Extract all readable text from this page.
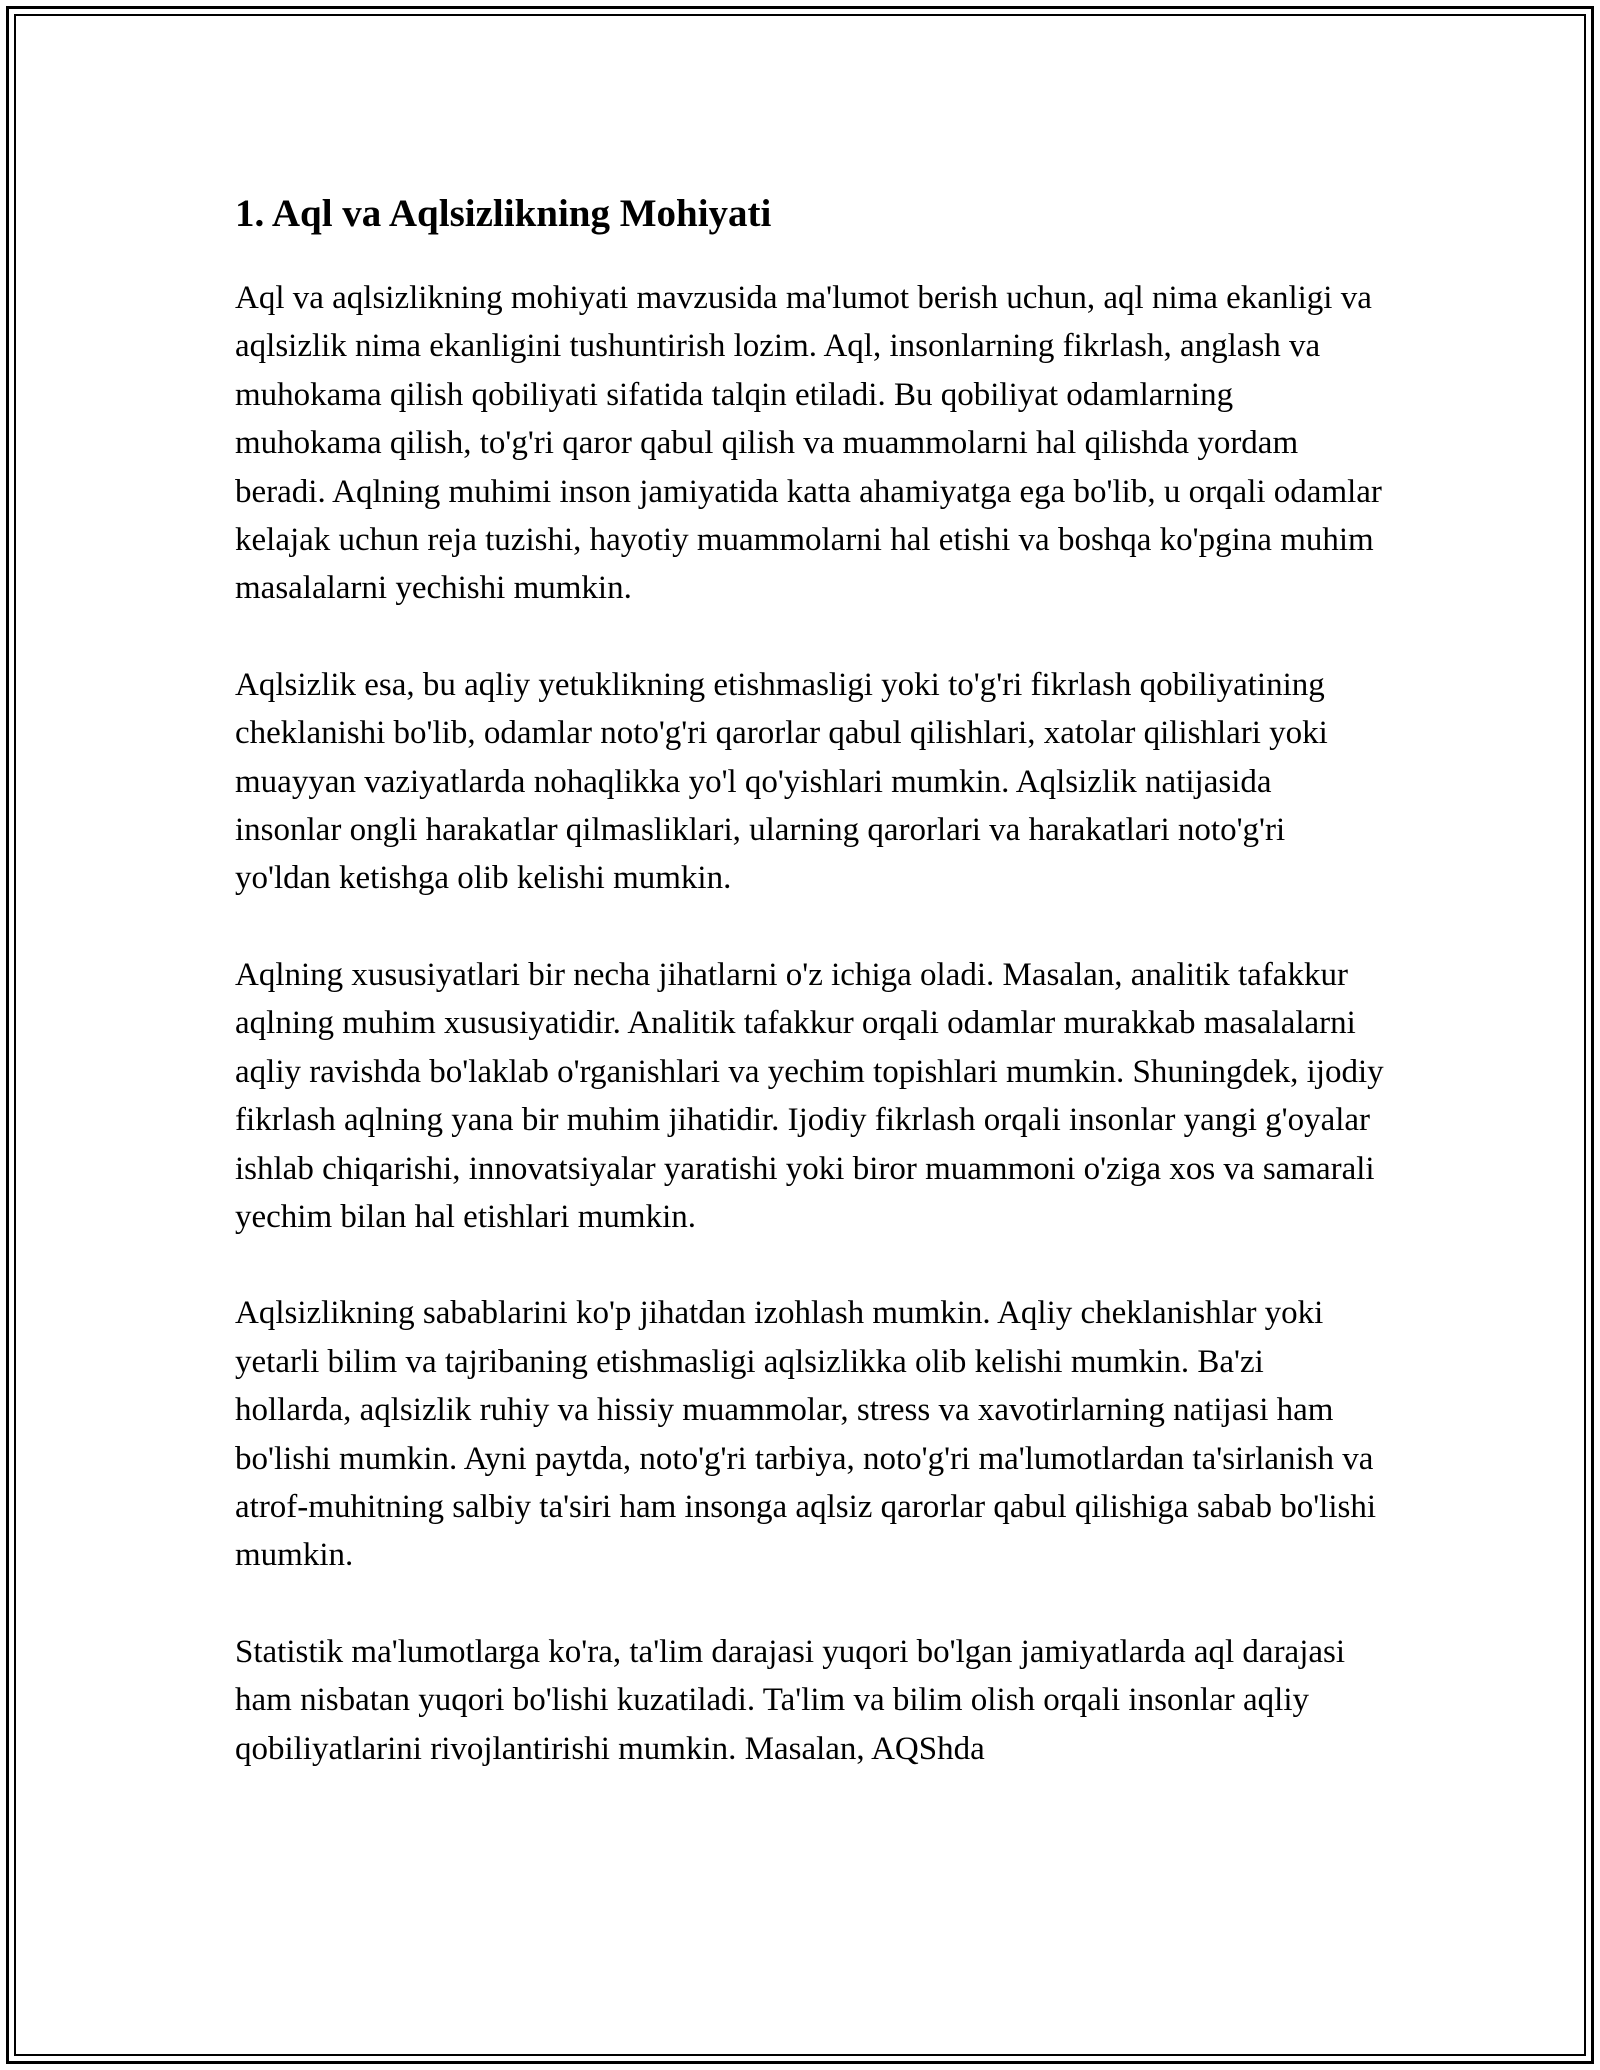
1. Aql va Aqlsizlikning Mohiyati

Aql va aqlsizlikning mohiyati mavzusida ma'lumot berish uchun, aql nima ekanligi va aqlsizlik nima ekanligini tushuntirish lozim. Aql, insonlarning fikrlash, anglash va muhokama qilish qobiliyati sifatida talqin etiladi. Bu qobiliyat odamlarning muhokama qilish, to'g'ri qaror qabul qilish va muammolarni hal qilishda yordam beradi. Aqlning muhimi inson jamiyatida katta ahamiyatga ega bo'lib, u orqali odamlar kelajak uchun reja tuzishi, hayotiy muammolarni hal etishi va boshqa ko'pgina muhim masalalarni yechishi mumkin.

Aqlsizlik esa, bu aqliy yetuklikning etishmasligi yoki to'g'ri fikrlash qobiliyatining cheklanishi bo'lib, odamlar noto'g'ri qarorlar qabul qilishlari, xatolar qilishlari yoki muayyan vaziyatlarda nohaqlikka yo'l qo'yishlari mumkin. Aqlsizlik natijasida insonlar ongli harakatlar qilmasliklari, ularning qarorlari va harakatlari noto'g'ri yo'ldan ketishga olib kelishi mumkin.

Aqlning xususiyatlari bir necha jihatlarni o'z ichiga oladi. Masalan, analitik tafakkur aqlning muhim xususiyatidir. Analitik tafakkur orqali odamlar murakkab masalalarni aqliy ravishda bo'laklab o'rganishlari va yechim topishlari mumkin. Shuningdek, ijodiy fikrlash aqlning yana bir muhim jihatidir. Ijodiy fikrlash orqali insonlar yangi g'oyalar ishlab chiqarishi, innovatsiyalar yaratishi yoki biror muammoni o'ziga xos va samarali yechim bilan hal etishlari mumkin.

Aqlsizlikning sabablarini ko'p jihatdan izohlash mumkin. Aqliy cheklanishlar yoki yetarli bilim va tajribaning etishmasligi aqlsizlikka olib kelishi mumkin. Ba'zi hollarda, aqlsizlik ruhiy va hissiy muammolar, stress va xavotirlarning natijasi ham bo'lishi mumkin. Ayni paytda, noto'g'ri tarbiya, noto'g'ri ma'lumotlardan ta'sirlanish va atrof-muhitning salbiy ta'siri ham insonga aqlsiz qarorlar qabul qilishiga sabab bo'lishi mumkin.

Statistik ma'lumotlarga ko'ra, ta'lim darajasi yuqori bo'lgan jamiyatlarda aql darajasi ham nisbatan yuqori bo'lishi kuzatiladi. Ta'lim va bilim olish orqali insonlar aqliy qobiliyatlarini rivojlantirishi mumkin. Masalan, AQShda
